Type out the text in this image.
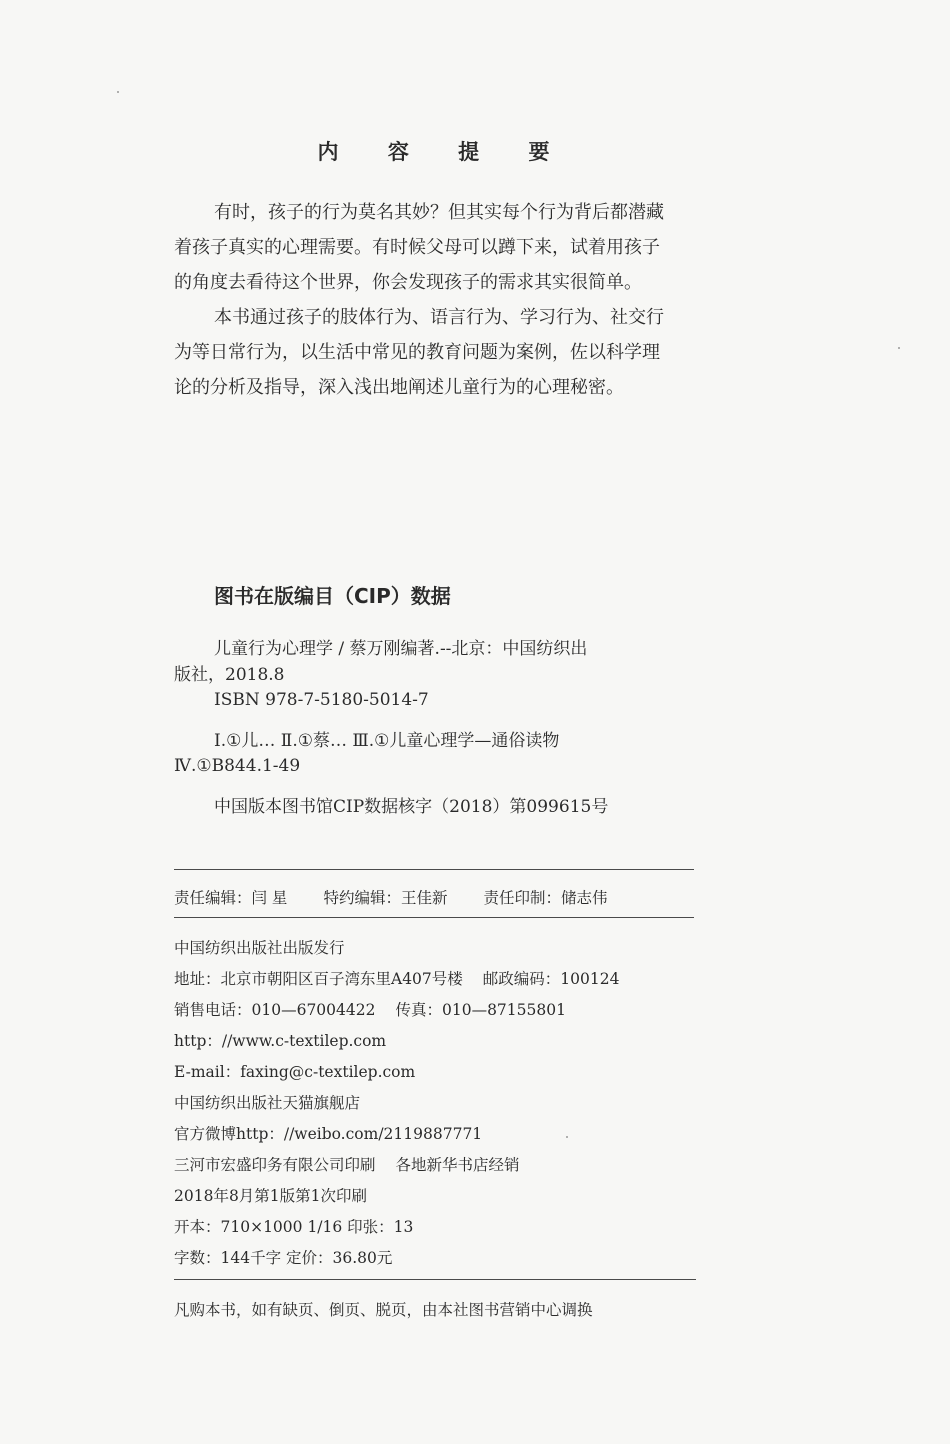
内 容 提 要
有时，孩子的行为莫名其妙？但其实每个行为背后都潜藏
着孩子真实的心理需要。有时候父母可以蹲下来，试着用孩子
的角度去看待这个世界，你会发现孩子的需求其实很简单。
本书通过孩子的肢体行为、语言行为、学习行为、社交行
为等日常行为，以生活中常见的教育问题为案例，佐以科学理
论的分析及指导，深入浅出地阐述儿童行为的心理秘密。
图书在版编目（CIP）数据
儿童行为心理学 / 蔡万刚编著.--北京：中国纺织出
版社，2018.8
ISBN 978-7-5180-5014-7
Ⅰ.①儿… Ⅱ.①蔡… Ⅲ.①儿童心理学—通俗读物
Ⅳ.①B844.1-49
中国版本图书馆CIP数据核字（2018）第099615号
责任编辑：闫 星 特约编辑：王佳新 责任印制：储志伟
中国纺织出版社出版发行
地址：北京市朝阳区百子湾东里A407号楼 邮政编码：100124
销售电话：010—67004422 传真：010—87155801
http：//www.c-textilep.com
E-mail：faxing@c-textilep.com
中国纺织出版社天猫旗舰店
官方微博http：//weibo.com/2119887771
三河市宏盛印务有限公司印刷 各地新华书店经销
2018年8月第1版第1次印刷
开本：710×1000 1/16 印张：13
字数：144千字 定价：36.80元
凡购本书，如有缺页、倒页、脱页，由本社图书营销中心调换
